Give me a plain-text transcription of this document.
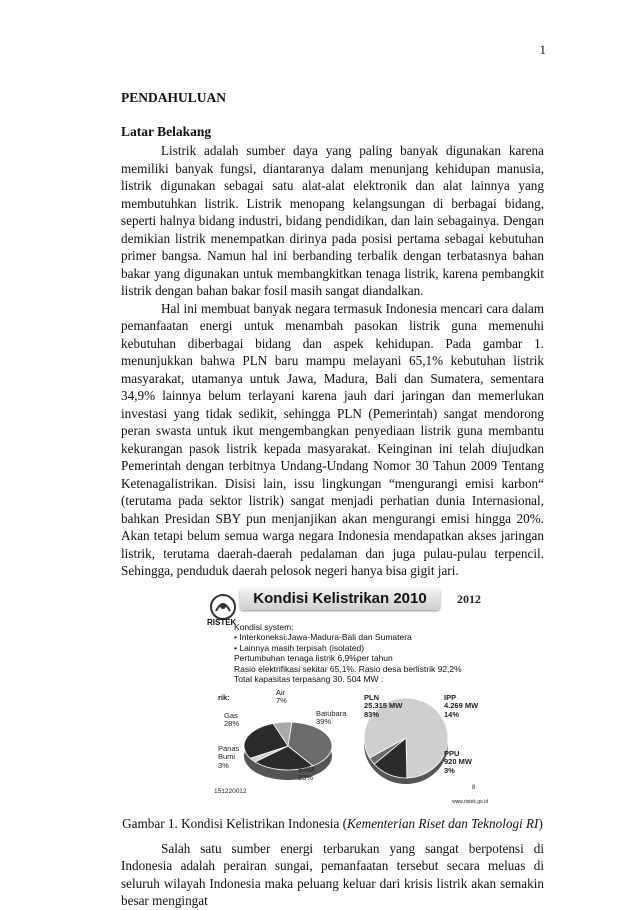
1
PENDAHULUAN
Latar Belakang

Listrik adalah sumber daya yang paling banyak digunakan karena memiliki banyak fungsi, diantaranya dalam menunjang kehidupan manusia, listrik digunakan sebagai satu alat-alat elektronik dan alat lainnya yang membutuhkan listrik. Listrik menopang kelangsungan di berbagai bidang, seperti halnya bidang industri, bidang pendidikan, dan lain sebagainya. Dengan demikian listrik menempatkan dirinya pada posisi pertama sebagai kebutuhan primer bangsa. Namun hal ini berbanding terbalik dengan terbatasnya bahan bakar yang digunakan untuk membangkitkan tenaga listrik, karena pembangkit listrik dengan bahan bakar fosil masih sangat diandalkan.

Hal ini membuat banyak negara termasuk Indonesia mencari cara dalam pemanfaatan energi untuk menambah pasokan listrik guna memenuhi kebutuhan diberbagai bidang dan aspek kehidupan. Pada gambar 1. menunjukkan bahwa PLN baru mampu melayani 65,1% kebutuhan listrik masyarakat, utamanya untuk Jawa, Madura, Bali dan Sumatera, sementara 34,9% lainnya belum terlayani karena jauh dari jaringan dan memerlukan investasi yang tidak sedikit, sehingga PLN (Pemerintah) sangat mendorong peran swasta untuk ikut mengembangkan penyediaan listrik guna membantu kekurangan pasok listrik kepada masyarakat. Keinginan ini telah diujudkan Pemerintah dengan terbitnya Undang-Undang Nomor 30 Tahun 2009 Tentang Ketenagalistrikan. Disisi lain, issu lingkungan “mengurangi emisi karbon“ (terutama pada sektor listrik) sangat menjadi perhatian dunia Internasional, bahkan Presidan SBY pun menjanjikan akan mengurangi emisi hingga 20%. Akan tetapi belum semua warga negara Indonesia mendapatkan akses jaringan listrik, terutama daerah-daerah pedalaman dan juga pulau-pulau terpencil. Sehingga, penduduk daerah pelosok negeri hanya bisa gigit jari.

RISTEK
Kondisi Kelistrikan 2010	2012
Kondisi system:
• Interkoneksi:Jawa-Madura-Bali dan Sumatera
• Lainnya masih terpisah (isolated)
Pertumbuhan tenaga listrik 6,9%per tahun
Rasio elektrifikasi sekitar 65,1%. Rasio desa berlistrik 92,2%
Total kapasitas terpasang 30. 504 MW :
rik:
151220012
www.ristek.go.id
8
Air
7%
Batubara
39%
BBM
23%
Panas
Bumi
3%
Gas
28%
PLN
25.315 MW
83%
IPP
4.269 MW
14%
PPU
920 MW
3%

Gambar 1. Kondisi Kelistrikan Indonesia (Kementerian Riset dan Teknologi RI)

Salah satu sumber energi terbarukan yang sangat berpotensi di Indonesia adalah perairan sungai, pemanfaatan tersebut secara meluas di seluruh wilayah Indonesia maka peluang keluar dari krisis listrik akan semakin besar mengingat
